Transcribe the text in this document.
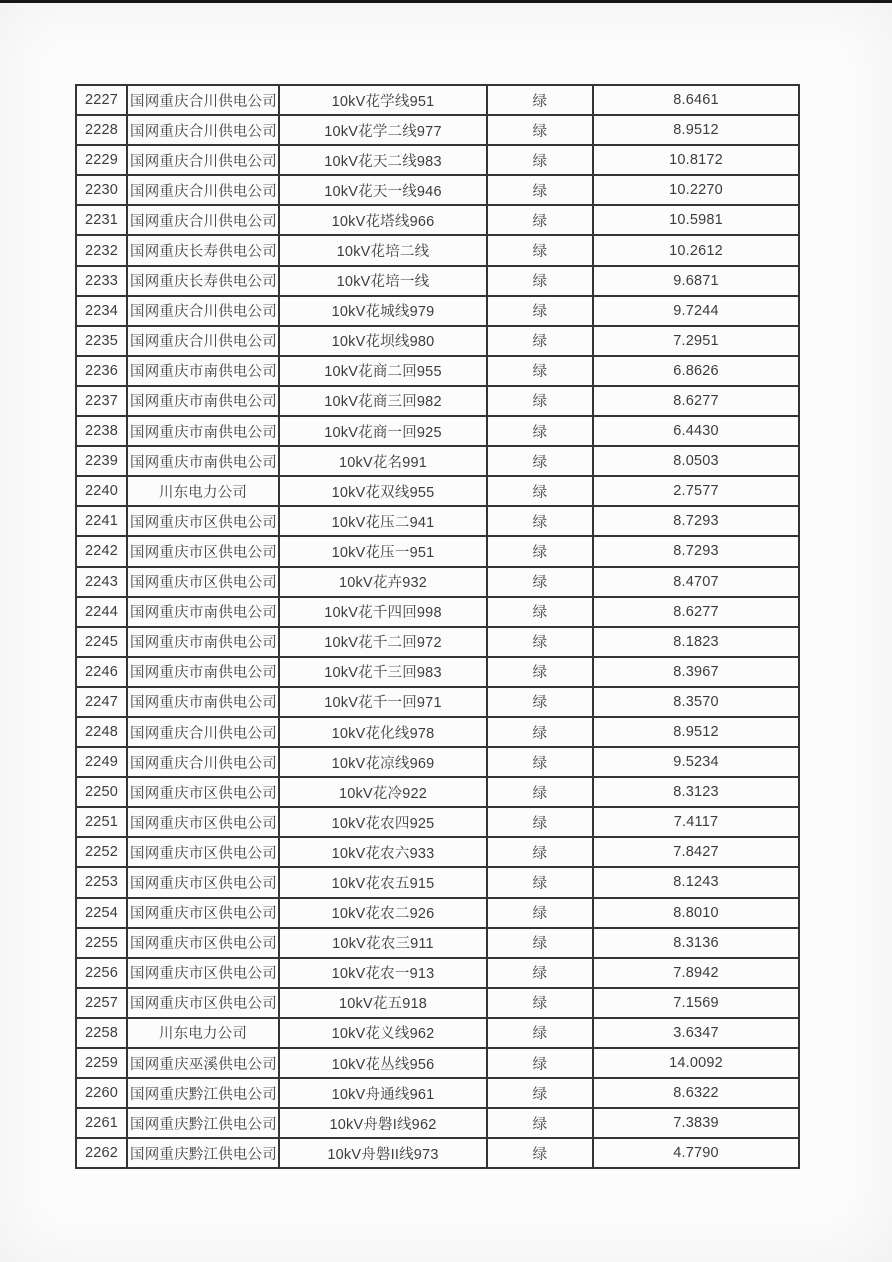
2227	国网重庆合川供电公司	10kV花学线951	绿	8.6461
2228	国网重庆合川供电公司	10kV花学二线977	绿	8.9512
2229	国网重庆合川供电公司	10kV花天二线983	绿	10.8172
2230	国网重庆合川供电公司	10kV花天一线946	绿	10.2270
2231	国网重庆合川供电公司	10kV花塔线966	绿	10.5981
2232	国网重庆长寿供电公司	10kV花培二线	绿	10.2612
2233	国网重庆长寿供电公司	10kV花培一线	绿	9.6871
2234	国网重庆合川供电公司	10kV花城线979	绿	9.7244
2235	国网重庆合川供电公司	10kV花坝线980	绿	7.2951
2236	国网重庆市南供电公司	10kV花商二回955	绿	6.8626
2237	国网重庆市南供电公司	10kV花商三回982	绿	8.6277
2238	国网重庆市南供电公司	10kV花商一回925	绿	6.4430
2239	国网重庆市南供电公司	10kV花名991	绿	8.0503
2240	川东电力公司	10kV花双线955	绿	2.7577
2241	国网重庆市区供电公司	10kV花压二941	绿	8.7293
2242	国网重庆市区供电公司	10kV花压一951	绿	8.7293
2243	国网重庆市区供电公司	10kV花卉932	绿	8.4707
2244	国网重庆市南供电公司	10kV花千四回998	绿	8.6277
2245	国网重庆市南供电公司	10kV花千二回972	绿	8.1823
2246	国网重庆市南供电公司	10kV花千三回983	绿	8.3967
2247	国网重庆市南供电公司	10kV花千一回971	绿	8.3570
2248	国网重庆合川供电公司	10kV花化线978	绿	8.9512
2249	国网重庆合川供电公司	10kV花凉线969	绿	9.5234
2250	国网重庆市区供电公司	10kV花冷922	绿	8.3123
2251	国网重庆市区供电公司	10kV花农四925	绿	7.4117
2252	国网重庆市区供电公司	10kV花农六933	绿	7.8427
2253	国网重庆市区供电公司	10kV花农五915	绿	8.1243
2254	国网重庆市区供电公司	10kV花农二926	绿	8.8010
2255	国网重庆市区供电公司	10kV花农三911	绿	8.3136
2256	国网重庆市区供电公司	10kV花农一913	绿	7.8942
2257	国网重庆市区供电公司	10kV花五918	绿	7.1569
2258	川东电力公司	10kV花义线962	绿	3.6347
2259	国网重庆巫溪供电公司	10kV花丛线956	绿	14.0092
2260	国网重庆黔江供电公司	10kV舟通线961	绿	8.6322
2261	国网重庆黔江供电公司	10kV舟磐I线962	绿	7.3839
2262	国网重庆黔江供电公司	10kV舟磐II线973	绿	4.7790
